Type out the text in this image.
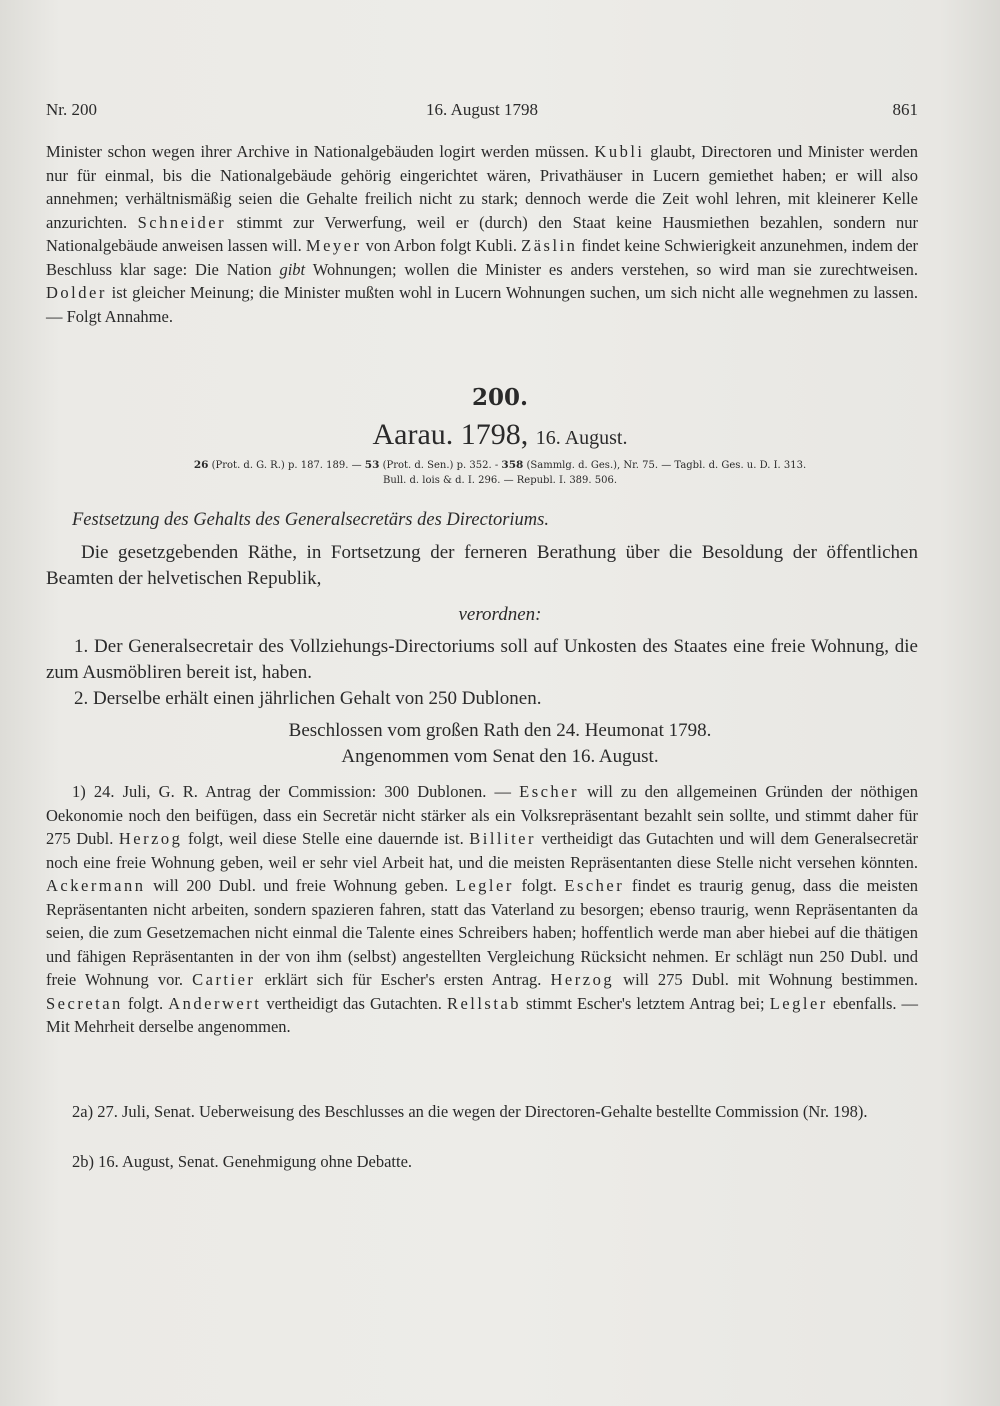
Nr. 200	16. August 1798	861
Minister schon wegen ihrer Archive in Nationalgebäuden logirt werden müssen. Kubli glaubt, Directoren und Minister werden nur für einmal, bis die Nationalgebäude gehörig eingerichtet wären, Privathäuser in Lucern gemiethet haben; er will also annehmen; verhältnismäßig seien die Gehalte freilich nicht zu stark; dennoch werde die Zeit wohl lehren, mit kleinerer Kelle anzurichten. Schneider stimmt zur Verwerfung, weil er (durch) den Staat keine Hausmiethen bezahlen, sondern nur Nationalgebäude anweisen lassen will. Meyer von Arbon folgt Kubli. Zäslin findet keine Schwierigkeit anzunehmen, indem der Beschluss klar sage: Die Nation gibt Wohnungen; wollen die Minister es anders verstehen, so wird man sie zurechtweisen. Dolder ist gleicher Meinung; die Minister mußten wohl in Lucern Wohnungen suchen, um sich nicht alle wegnehmen zu lassen. — Folgt Annahme.
200.
Aarau. 1798, 16. August.
26 (Prot. d. G. R.) p. 187. 189. — 53 (Prot. d. Sen.) p. 352. - 358 (Sammlg. d. Ges.), Nr. 75. — Tagbl. d. Ges. u. D. I. 313.
Bull. d. lois & d. I. 296. — Republ. I. 389. 506.
Festsetzung des Gehalts des Generalsecretärs des Directoriums.
Die gesetzgebenden Räthe, in Fortsetzung der ferneren Berathung über die Besoldung der öffentlichen Beamten der helvetischen Republik,
verordnen:
1. Der Generalsecretair des Vollziehungs-Directoriums soll auf Unkosten des Staates eine freie Wohnung, die zum Ausmöbliren bereit ist, haben.
2. Derselbe erhält einen jährlichen Gehalt von 250 Dublonen.
Beschlossen vom großen Rath den 24. Heumonat 1798.
Angenommen vom Senat den 16. August.

1) 24. Juli, G. R. Antrag der Commission: 300 Dublonen. — Escher will zu den allgemeinen Gründen der nöthigen Oekonomie noch den beifügen, dass ein Secretär nicht stärker als ein Volksrepräsentant bezahlt sein sollte, und stimmt daher für 275 Dubl. Herzog folgt, weil diese Stelle eine dauernde ist. Billiter vertheidigt das Gutachten und will dem Generalsecretär noch eine freie Wohnung geben, weil er sehr viel Arbeit hat, und die meisten Repräsentanten diese Stelle nicht versehen könnten. Ackermann will 200 Dubl. und freie Wohnung geben. Legler folgt. Escher findet es traurig genug, dass die meisten Repräsentanten nicht arbeiten, sondern spazieren fahren, statt das Vaterland zu besorgen; ebenso traurig, wenn Repräsentanten da seien, die zum Gesetzemachen nicht einmal die Talente eines Schreibers haben; hoffentlich werde man aber hiebei auf die thätigen und fähigen Repräsentanten in der von ihm (selbst) angestellten Vergleichung Rücksicht nehmen. Er schlägt nun 250 Dubl. und freie Wohnung vor. Cartier erklärt sich für Escher's ersten Antrag. Herzog will 275 Dubl. mit Wohnung bestimmen. Secretan folgt. Anderwert vertheidigt das Gutachten. Rellstab stimmt Escher's letztem Antrag bei; Legler ebenfalls. — Mit Mehrheit derselbe angenommen.

2a) 27. Juli, Senat. Ueberweisung des Beschlusses an die wegen der Directoren-Gehalte bestellte Commission (Nr. 198).

2b) 16. August, Senat. Genehmigung ohne Debatte.
